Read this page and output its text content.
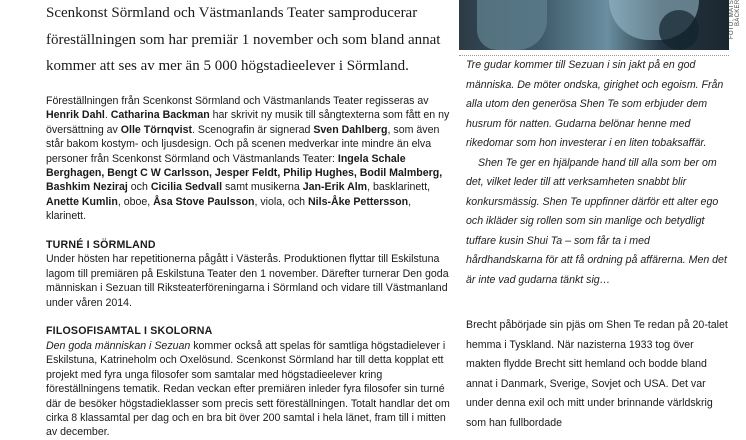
Scenkonst Sörmland och Västmanlands Teater samproducerar föreställningen som har premiär 1 november och som bland annat kommer att ses av mer än 5 000 högstadieelever i Sörmland.

Föreställningen från Scenkonst Sörmland och Västmanlands Teater regisseras av Henrik Dahl. Catharina Backman har skrivit ny musik till sångtexterna som fått en ny översättning av Olle Törnqvist. Scenografin är signerad Sven Dahlberg, som även står bakom kostym- och ljusdesign. Och på scenen medverkar inte mindre än elva personer från Scenkonst Sörmland och Västmanlands Teater: Ingela Schale Berghagen, Bengt C W Carlsson, Jesper Feldt, Philip Hughes, Bodil Malmberg, Bashkim Neziraj och Cicilia Sedvall samt musikerna Jan-Erik Alm, basklarinett, Anette Kumlin, oboe, Åsa Stove Paulsson, viola, och Nils-Åke Pettersson, klarinett.

TURNÉ I SÖRMLAND

Under hösten har repetitionerna pågått i Västerås. Produktionen flyttar till Eskilstuna lagom till premiären på Eskilstuna Teater den 1 november. Därefter turnerar Den goda människan i Sezuan till Riksteaterföreningarna i Sörmland och vidare till Västmanland under våren 2014.

FILOSOFISAMTAL I SKOLORNA

Den goda människan i Sezuan kommer också att spelas för samtliga högstadielever i Eskilstuna, Katrineholm och Oxelösund. Scenkonst Sörmland har till detta kopplat ett projekt med fyra unga filosofer som samtalar med högstadieelever kring föreställningens tematik. Redan veckan efter premiären inleder fyra filosofer sin turné där de besöker högstadieklasser som precis sett föreställningen. Totalt handlar det om cirka 8 klassamtal per dag och en bra bit över 200 samtal i hela länet, fram till i mitten av december.

FOTO: MATS BÄCKER

Tre gudar kommer till Sezuan i sin jakt på en god människa. De möter ondska, girighet och egoism. Från alla utom den generösa Shen Te som erbjuder dem husrum för natten. Gudarna belönar henne med rikedomar som hon investerar i en liten tobaksaffär.

Shen Te ger en hjälpande hand till alla som ber om det, vilket leder till att verksamheten snabbt blir konkursmässig. Shen Te uppfinner därför ett alter ego och ikläder sig rollen som sin manlige och betydligt tuffare kusin Shui Ta – som får ta i med hårdhandskarna för att få ordning på affärerna. Men det är inte vad gudarna tänkt sig…

Brecht påbörjade sin pjäs om Shen Te redan på 20-talet hemma i Tyskland. När nazisterna 1933 tog över makten flydde Brecht sitt hemland och bodde bland annat i Danmark, Sverige, Sovjet och USA. Det var under denna exil och mitt under brinnande världskrig som han fullbordade
